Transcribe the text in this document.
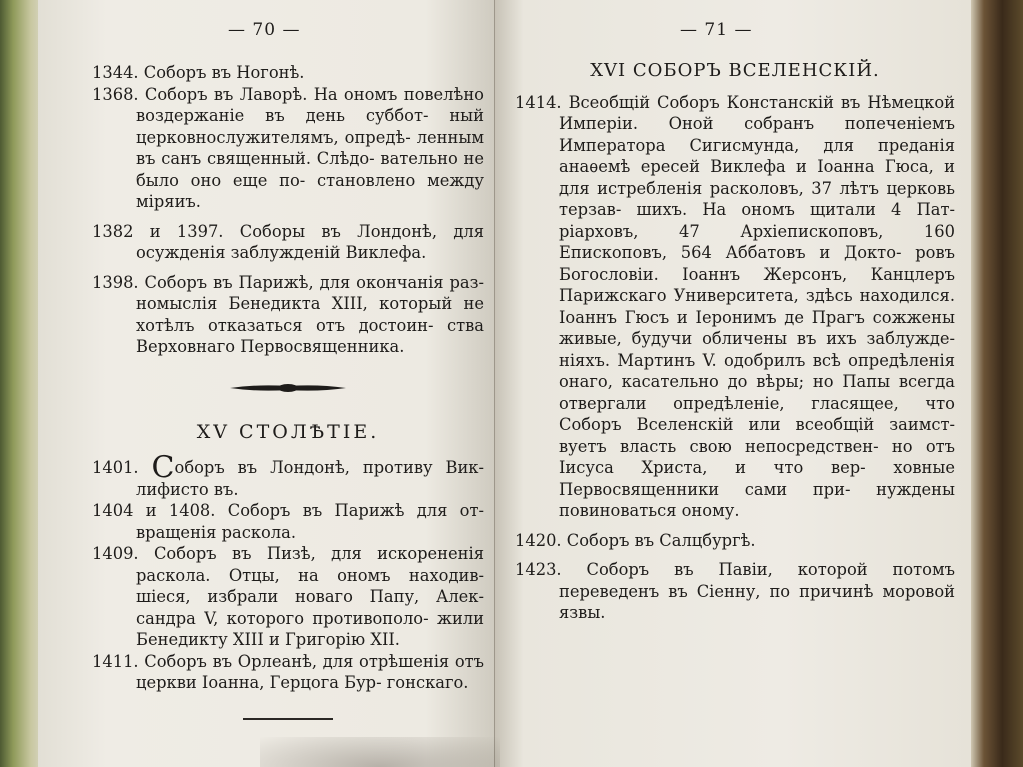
— 70 —

1344. Соборъ въ Ногонѣ.

1368. Соборъ въ Лаворѣ. На ономъ повелѣно воздержаніе въ день суббот- ный церковнослужителямъ, опредѣ- ленным въ санъ священный. Слѣдо- вательно не было оно еще по- становлено между міряиъ.

1382 и 1397. Соборы въ Лондонѣ, для осужденія заблужденій Виклефа.

1398. Соборъ въ Парижѣ, для окончанія раз- номыслія Бенедикта XIII, который не хотѣлъ отказаться отъ достоин- ства Верховнаго Первосвященника.

XV СТОЛѢТІЕ.

1401. Соборъ въ Лондонѣ, противу Вик- лифисто въ.

1404 и 1408. Соборъ въ Парижѣ для от- вращенія раскола.

1409. Соборъ въ Пизѣ, для искорененія раскола. Отцы, на ономъ находив- шіеся, избрали новаго Папу, Алек- сандра V, которого противополо- жили Бенедикту XIII и Григорію XII.

1411. Соборъ въ Орлеанѣ, для отрѣшенія отъ церкви Іоанна, Герцога Бур- гонскаго.

— 71 —
XVI СОБОРЪ ВСЕЛЕНСКІЙ.

1414. Всеобщій Соборъ Констанскій въ Нѣмецкой Имперіи. Оной собранъ попеченіемъ Императора Сигисмунда, для преданія анаѳемѣ ересей Виклефа и Іоанна Гюса, и для истребленія расколовъ, 37 лѣтъ церковь терзав- шихъ. На ономъ щитали 4 Пат- ріарховъ, 47 Архіепископовъ, 160 Епископовъ, 564 Аббатовъ и Докто- ровъ Богословіи. Іоаннъ Жерсонъ, Канцлеръ Парижскаго Университета, здѣсь находился. Іоаннъ Гюсъ и Іеронимъ де Прагъ сожжены живые, будучи обличены въ ихъ заблужде- ніяхъ. Мартинъ V. одобрилъ всѣ опредѣленія онаго, касательно до вѣры; но Папы всегда отвергали опредѣленіе, гласящее, что Соборъ Вселенскій или всеобщій заимст- вуетъ власть свою непосредствен- но отъ Іисуса Христа, и что вер- ховные Первосвященники сами при- нуждены повиноваться оному.

1420. Соборъ въ Салцбургѣ.

1423. Соборъ въ Павіи, которой потомъ переведенъ въ Сіенну, по причинѣ моровой язвы.
